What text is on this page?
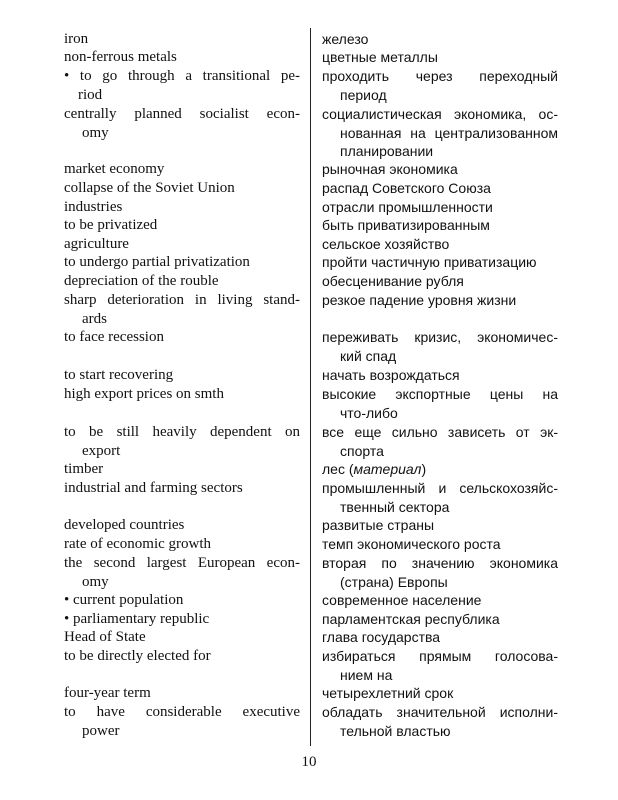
iron
non-ferrous metals
• to go through a transitional pe-
riod
centrally planned socialist econ-
omy
market economy
collapse of the Soviet Union
industries
to be privatized
agriculture
to undergo partial privatization
depreciation of the rouble
sharp deterioration in living stand-
ards
to face recession
to start recovering
high export prices on smth
to be still heavily dependent on
export
timber
industrial and farming sectors
developed countries
rate of economic growth
the second largest European econ-
omy
• current population
• parliamentary republic
Head of State
to be directly elected for
four-year term
to have considerable executive
power
железо
цветные металлы
проходить через переходный
период
социалистическая экономика, ос-
нованная на централизованном
планировании
рыночная экономика
распад Советского Союза
отрасли промышленности
быть приватизированным
сельское хозяйство
пройти частичную приватизацию
обесценивание рубля
резкое падение уровня жизни
переживать кризис, экономичес-
кий спад
начать возрождаться
высокие экспортные цены на
что-либо
все еще сильно зависеть от эк-
спорта
лес (материал)
промышленный и сельскохозяйс-
твенный сектора
развитые страны
темп экономического роста
вторая по значению экономика
(страна) Европы
современное население
парламентская республика
глава государства
избираться прямым голосова-
нием на
четырехлетний срок
обладать значительной исполни-
тельной властью
10
